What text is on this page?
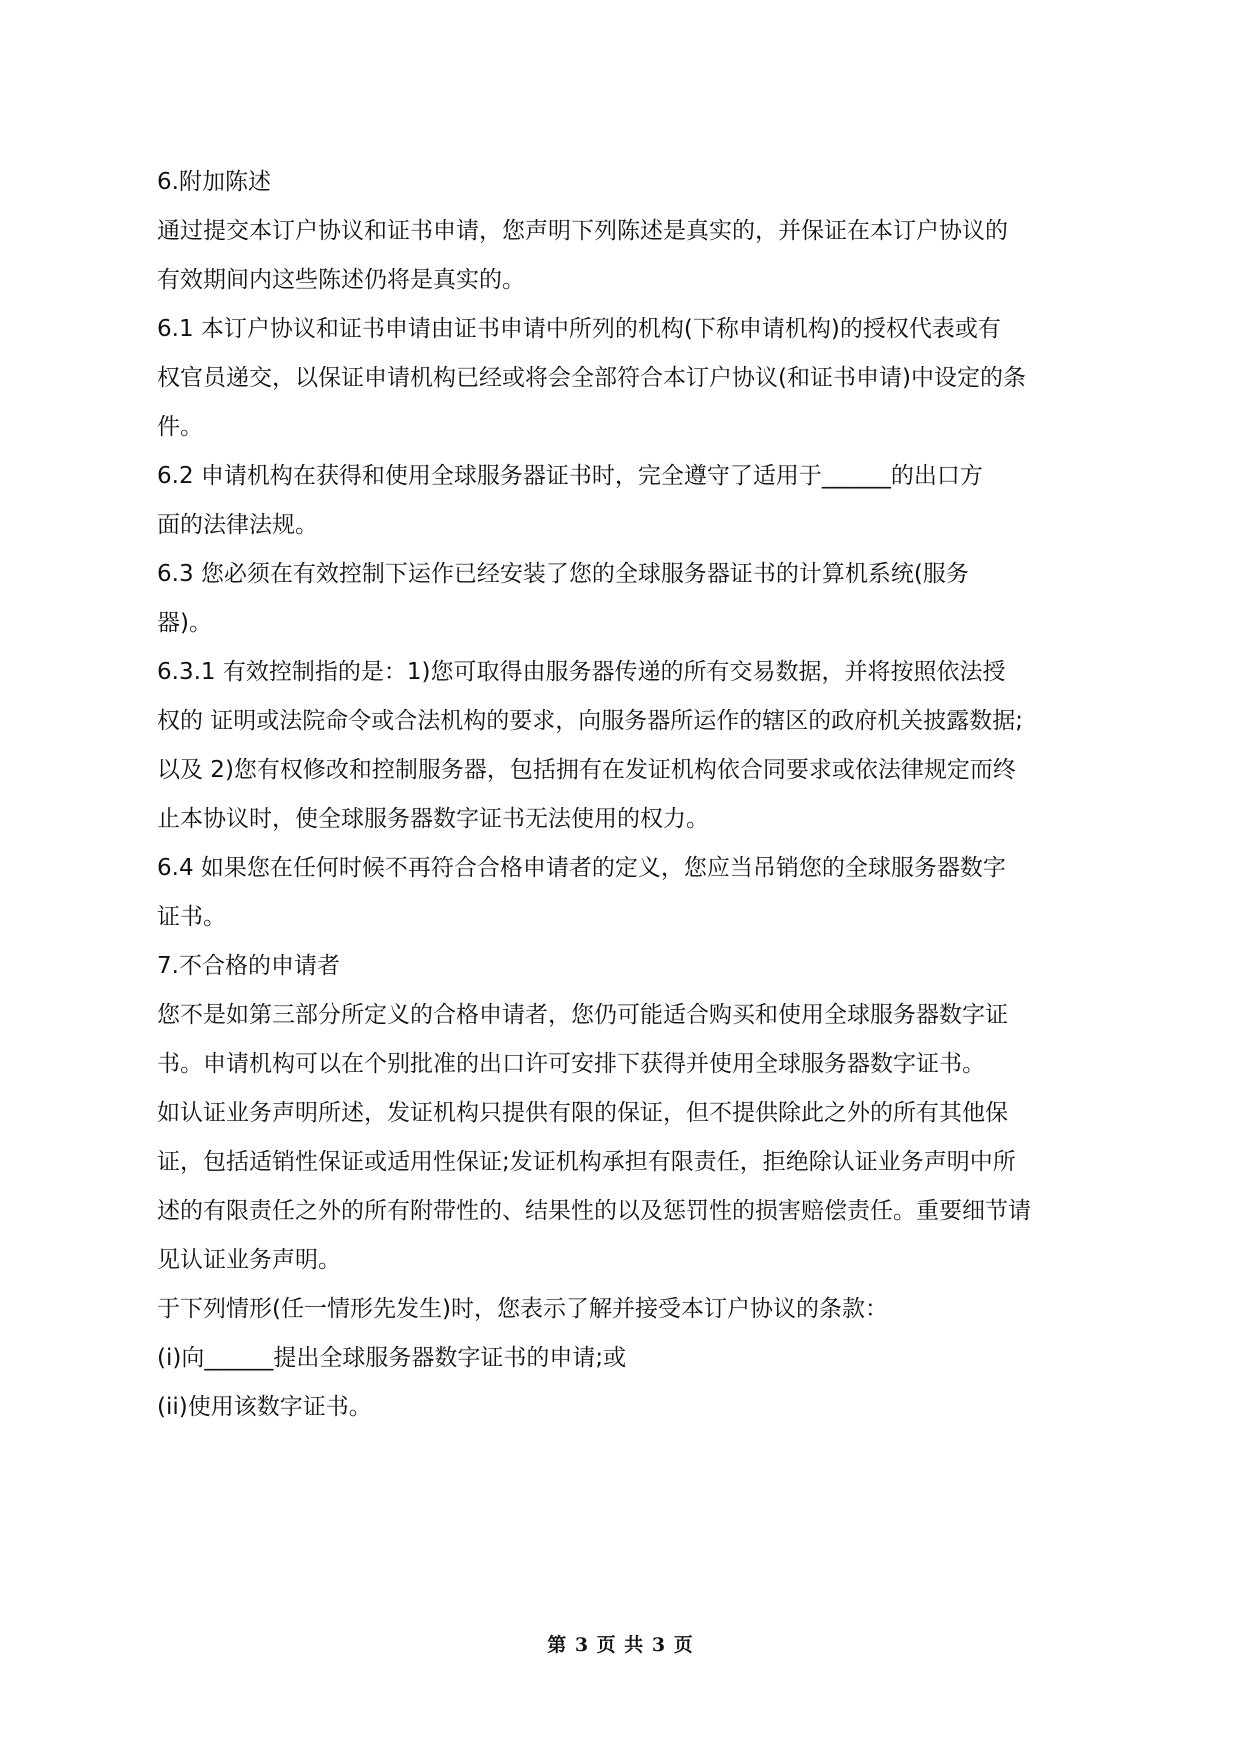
6.附加陈述
通过提交本订户协议和证书申请，您声明下列陈述是真实的，并保证在本订户协议的
有效期间内这些陈述仍将是真实的。
6.1 本订户协议和证书申请由证书申请中所列的机构(下称申请机构)的授权代表或有
权官员递交，以保证申请机构已经或将会全部符合本订户协议(和证书申请)中设定的条
件。
6.2 申请机构在获得和使用全球服务器证书时，完全遵守了适用于______的出口方
面的法律法规。
6.3 您必须在有效控制下运作已经安装了您的全球服务器证书的计算机系统(服务
器)。
6.3.1 有效控制指的是：1)您可取得由服务器传递的所有交易数据，并将按照依法授
权的 证明或法院命令或合法机构的要求，向服务器所运作的辖区的政府机关披露数据;
以及 2)您有权修改和控制服务器，包括拥有在发证机构依合同要求或依法律规定而终
止本协议时，使全球服务器数字证书无法使用的权力。
6.4 如果您在任何时候不再符合合格申请者的定义，您应当吊销您的全球服务器数字
证书。
7.不合格的申请者
您不是如第三部分所定义的合格申请者，您仍可能适合购买和使用全球服务器数字证
书。申请机构可以在个别批准的出口许可安排下获得并使用全球服务器数字证书。
如认证业务声明所述，发证机构只提供有限的保证，但不提供除此之外的所有其他保
证，包括适销性保证或适用性保证;发证机构承担有限责任，拒绝除认证业务声明中所
述的有限责任之外的所有附带性的、结果性的以及惩罚性的损害赔偿责任。重要细节请
见认证业务声明。
于下列情形(任一情形先发生)时，您表示了解并接受本订户协议的条款：
(i)向______提出全球服务器数字证书的申请;或
(ii)使用该数字证书。
第 3 页 共 3 页
